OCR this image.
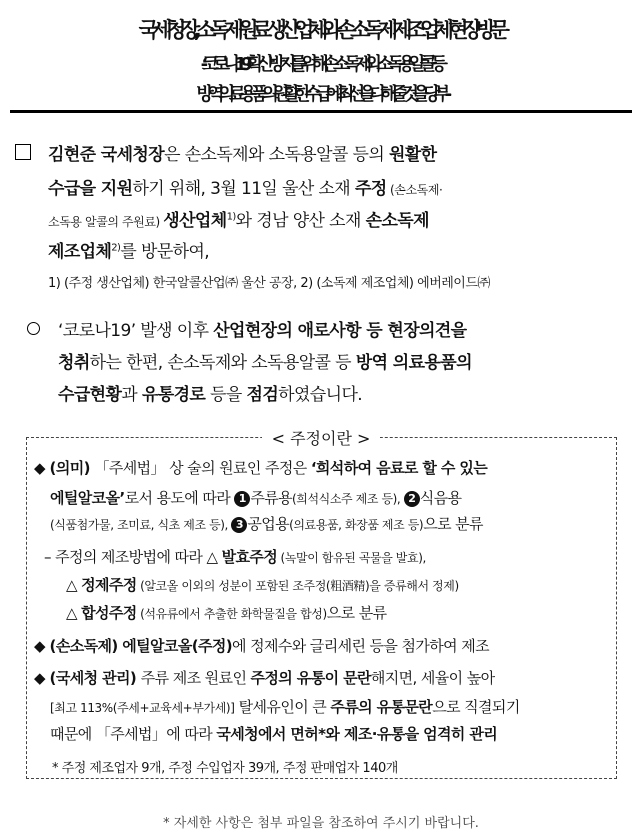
국세청장, 소독제 원료 생산업체와 손소독제 제조업체 현장방문
- ‘코로나19’ 확산 방지를 위해 손소독제와 소독용알콜 등
방역 의료용품의 원활한 수급에 최선을 다해 줄 것을 당부 -
김현준 국세청장은 손소독제와 소독용알콜 등의 원활한
수급을 지원하기 위해, 3월 11일 울산 소재 주정 (손소독제·
소독용 알콜의 주원료) 생산업체$^{1)}$와 경남 양산 소재 손소독제
제조업체$^{2)}$를 방문하여,
1) (주정 생산업체) 한국알콜산업㈜ 울산 공장, 2) (소독제 제조업체) 에버레이드㈜
‘코로나19’ 발생 이후 산업현장의 애로사항 등 현장의견을
청취하는 한편, 손소독제와 소독용알콜 등 방역 의료용품의
수급현황과 유통경로 등을 점검하였습니다.
< 주정이란 >
◆ (의미) 「주세법」 상 술의 원료인 주정은 ‘희석하여 음료로 할 수 있는
에틸알코올’로서 용도에 따라 1 주류용(희석식소주 제조 등), 2 식음용
(식품첨가물, 조미료, 식초 제조 등), 3 공업용(의료용품, 화장품 제조 등)으로 분류
– 주정의 제조방법에 따라 △ 발효주정 (녹말이 함유된 곡물을 발효),
△ 정제주정 (알코올 이외의 성분이 포함된 조주정(粗酒精)을 증류해서 정제)
△ 합성주정 (석유류에서 추출한 화학물질을 합성)으로 분류
◆ (손소독제) 에틸알코올(주정)에 정제수와 글리세린 등을 첨가하여 제조
◆ (국세청 관리) 주류 제조 원료인 주정의 유통이 문란해지면, 세율이 높아
[최고 113%(주세+교육세+부가세)] 탈세유인이 큰 주류의 유통문란으로 직결되기
때문에 「주세법」에 따라 국세청에서 면허*와 제조·유통을 엄격히 관리
* 주정 제조업자 9개, 주정 수입업자 39개, 주정 판매업자 140개
* 자세한 사항은 첨부 파일을 참조하여 주시기 바랍니다.
